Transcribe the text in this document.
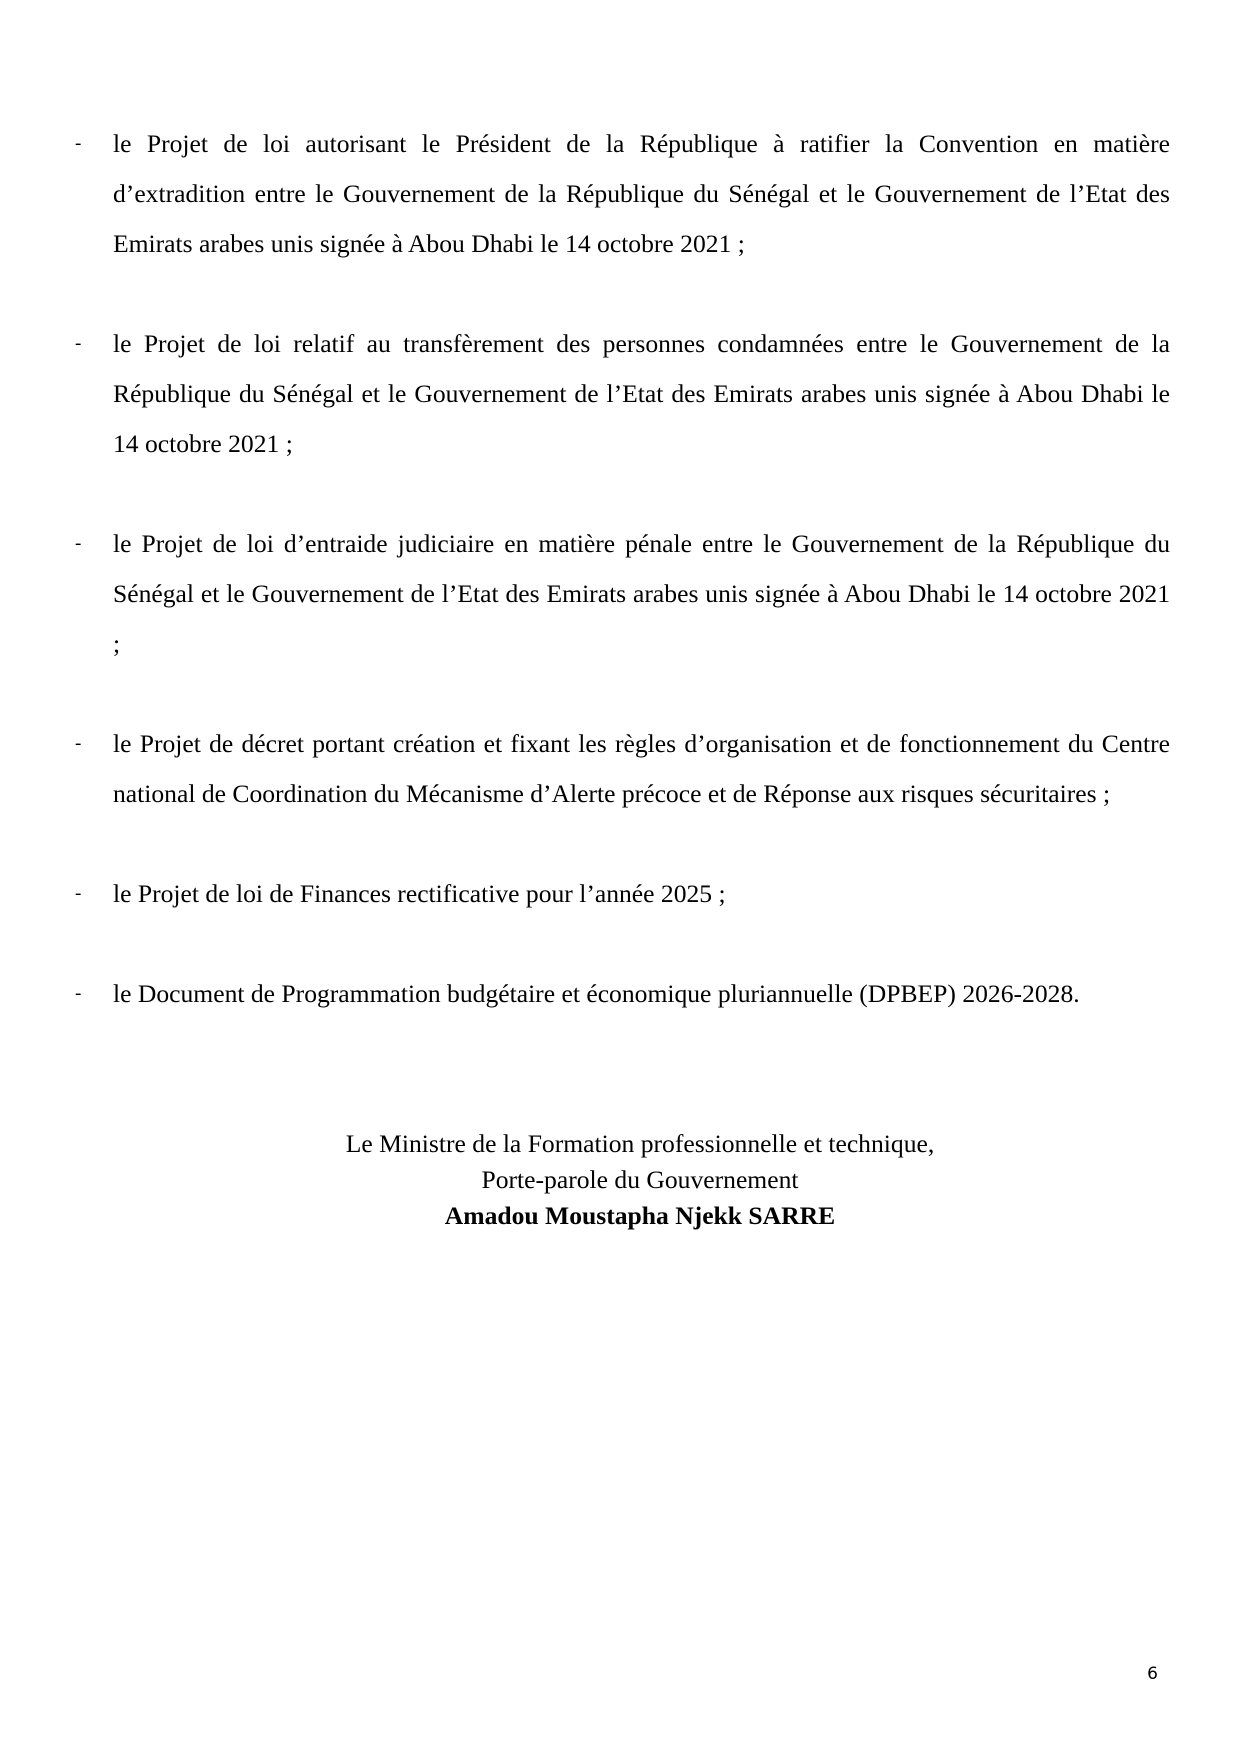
- le Projet de loi autorisant le Président de la République à ratifier la Convention en matière d’extradition entre le Gouvernement de la République du Sénégal et le Gouvernement de l’Etat des Emirats arabes unis signée à Abou Dhabi le 14 octobre 2021 ;
- le Projet de loi relatif au transfèrement des personnes condamnées entre le Gouvernement de la République du Sénégal et le Gouvernement de l’Etat des Emirats arabes unis signée à Abou Dhabi le 14 octobre 2021 ;
- le Projet de loi d’entraide judiciaire en matière pénale entre le Gouvernement de la République du Sénégal et le Gouvernement de l’Etat des Emirats arabes unis signée à Abou Dhabi le 14 octobre 2021 ;
- le Projet de décret portant création et fixant les règles d’organisation et de fonctionnement du Centre national de Coordination du Mécanisme d’Alerte précoce et de Réponse aux risques sécuritaires ;
- le Projet de loi de Finances rectificative pour l’année 2025 ;
- le Document de Programmation budgétaire et économique pluriannuelle (DPBEP) 2026-2028.
Le Ministre de la Formation professionnelle et technique,
Porte-parole du Gouvernement
Amadou Moustapha Njekk SARRE
6
